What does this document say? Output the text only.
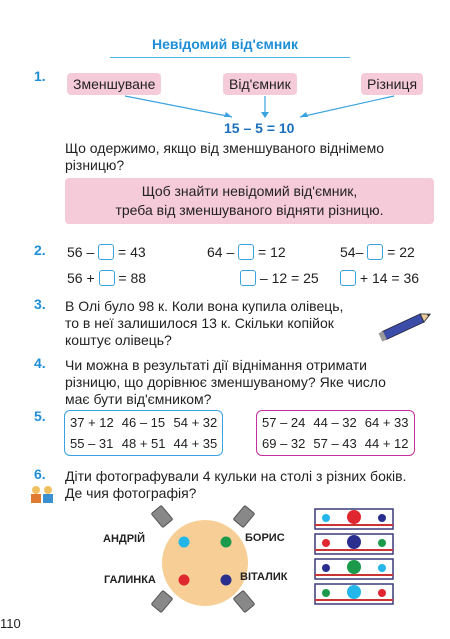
Невідомий від'ємник
1.	Зменшуване	Від'ємник	Різниця
15 – 5 = 10
Що одержимо, якщо від зменшуваного віднімемо
різницю?
Щоб знайти невідомий від'ємник,
треба від зменшуваного відняти різницю.
2. 56 – = 43	64 – = 12	54– = 22
56 + = 88	– 12 = 25	+ 14 = 36
3. В Олі було 98 к. Коли вона купила олівець,
то в неї залишилося 13 к. Скільки копійок
коштує олівець?
4. Чи можна в результаті дії віднімання отримати
різницю, що дорівнює зменшуваному? Яке число
має бути від'ємником?
5. 37 + 12	46 – 15	54 + 32
55 – 31	48 + 51	44 + 35
57 – 24	44 – 32	64 + 33
69 – 32	57 – 43	44 + 12
6. Діти фотографували 4 кульки на столі з різних боків.
Де чия фотографія?
АНДРІЙ	БОРИС
ГАЛИНКА	ВІТАЛИК
110
